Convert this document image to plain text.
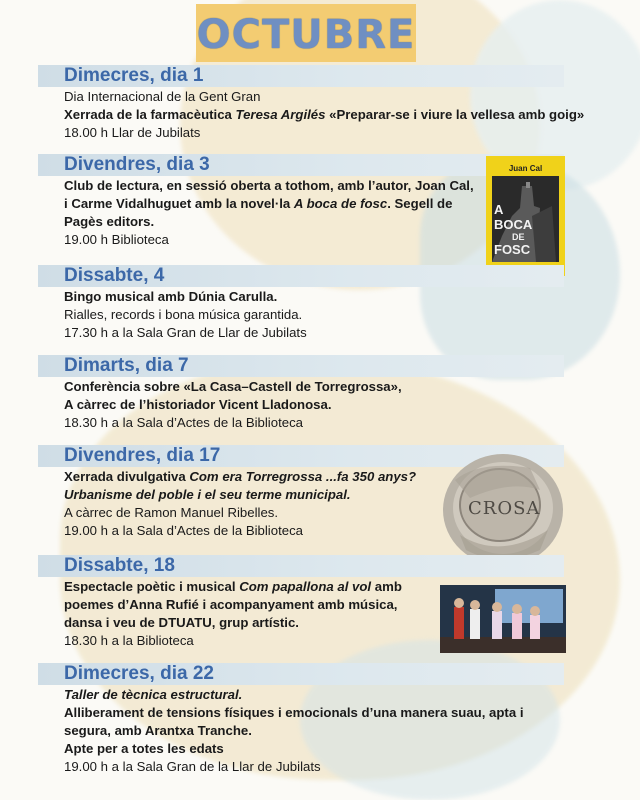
OCTUBRE
Dimecres, dia 1

Dia Internacional de la Gent Gran

Xerrada de la farmacèutica Teresa Argilés «Preparar-se i viure la vellesa amb goig»

18.00 h Llar de Jubilats

Divendres, dia 3

Club de lectura, en sessió oberta a tothom, amb l’autor, Joan Cal,

i Carme Vidalhuguet amb la novel·la A boca de fosc. Segell de

Pagès editors.

19.00 h Biblioteca

Juan Cal
A
BOCA
DE
FOSC
Dissabte, 4

Bingo musical amb Dúnia Carulla.

Rialles, records i bona música garantida.

17.30 h a la Sala Gran de Llar de Jubilats

Dimarts, dia 7

Conferència sobre «La Casa–Castell de Torregrossa»,

A càrrec de l’historiador Vicent Lladonosa.

18.30 h a la Sala d’Actes de la Biblioteca

Divendres, dia 17

Xerrada divulgativa Com era Torregrossa ...fa 350 anys?

Urbanisme del poble i el seu terme municipal.

A càrrec de Ramon Manuel Ribelles.

19.00 h a la Sala d’Actes de la Biblioteca

CROSA
Dissabte, 18

Espectacle poètic i musical Com papallona al vol amb

poemes d’Anna Rufié i acompanyament amb música,

dansa i veu de DTUATU, grup artístic.

18.30 h a la Biblioteca

Dimecres, dia 22

Taller de tècnica estructural.

Alliberament de tensions físiques i emocionals d’una manera suau, apta i

segura, amb Arantxa Tranche.

Apte per a totes les edats

19.00 h a la Sala Gran de la Llar de Jubilats
